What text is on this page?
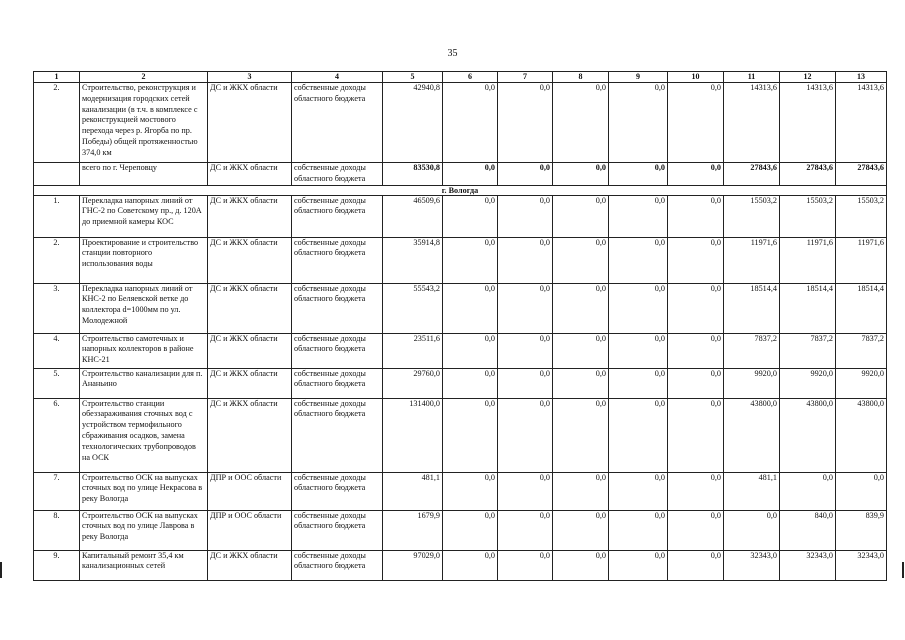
35
1	2	3	4	5	6	7	8	9	10	11	12	13
2.	Строительство, реконструкция и модернизация городских сетей канализации (в т.ч. в комплексе с реконструкцией мостового перехода через р. Ягорба по пр. Победы) общей протяженностью 374,0 км	ДС и ЖКХ области	собственные доходы областного бюджета	42940,8	0,0	0,0	0,0	0,0	0,0	14313,6	14313,6	14313,6
	всего по г. Череповцу	ДС и ЖКХ области	собственные доходы областного бюджета	83530,8	0,0	0,0	0,0	0,0	0,0	27843,6	27843,6	27843,6
г. Вологда												
1.	Перекладка напорных линий от ГНС-2 по Советскому пр., д. 120А до приемной камеры КОС	ДС и ЖКХ области	собственные доходы областного бюджета	46509,6	0,0	0,0	0,0	0,0	0,0	15503,2	15503,2	15503,2
2.	Проектирование и строительство станции повторного использования воды	ДС и ЖКХ области	собственные доходы областного бюджета	35914,8	0,0	0,0	0,0	0,0	0,0	11971,6	11971,6	11971,6
3.	Перекладка напорных линий от КНС-2 по Беляевской ветке до коллектора d=1000мм по ул. Молодежной	ДС и ЖКХ области	собственные доходы областного бюджета	55543,2	0,0	0,0	0,0	0,0	0,0	18514,4	18514,4	18514,4
4.	Строительство самотечных и напорных коллекторов в районе КНС-21	ДС и ЖКХ области	собственные доходы областного бюджета	23511,6	0,0	0,0	0,0	0,0	0,0	7837,2	7837,2	7837,2
5.	Строительство канализации для п. Ананьино	ДС и ЖКХ области	собственные доходы областного бюджета	29760,0	0,0	0,0	0,0	0,0	0,0	9920,0	9920,0	9920,0
6.	Строительство станции обеззараживания сточных вод с устройством термофильного сбраживания осадков, замена технологических трубопроводов на ОСК	ДС и ЖКХ области	собственные доходы областного бюджета	131400,0	0,0	0,0	0,0	0,0	0,0	43800,0	43800,0	43800,0
7.	Строительство ОСК на выпусках сточных вод по улице Некрасова в реку Вологда	ДПР и ООС области	собственные доходы областного бюджета	481,1	0,0	0,0	0,0	0,0	0,0	481,1	0,0	0,0
8.	Строительство ОСК на выпусках сточных вод по улице Лаврова в реку Вологда	ДПР и ООС области	собственные доходы областного бюджета	1679,9	0,0	0,0	0,0	0,0	0,0	0,0	840,0	839,9
9.	Капитальный ремонт 35,4 км канализационных сетей	ДС и ЖКХ области	собственные доходы областного бюджета	97029,0	0,0	0,0	0,0	0,0	0,0	32343,0	32343,0	32343,0
